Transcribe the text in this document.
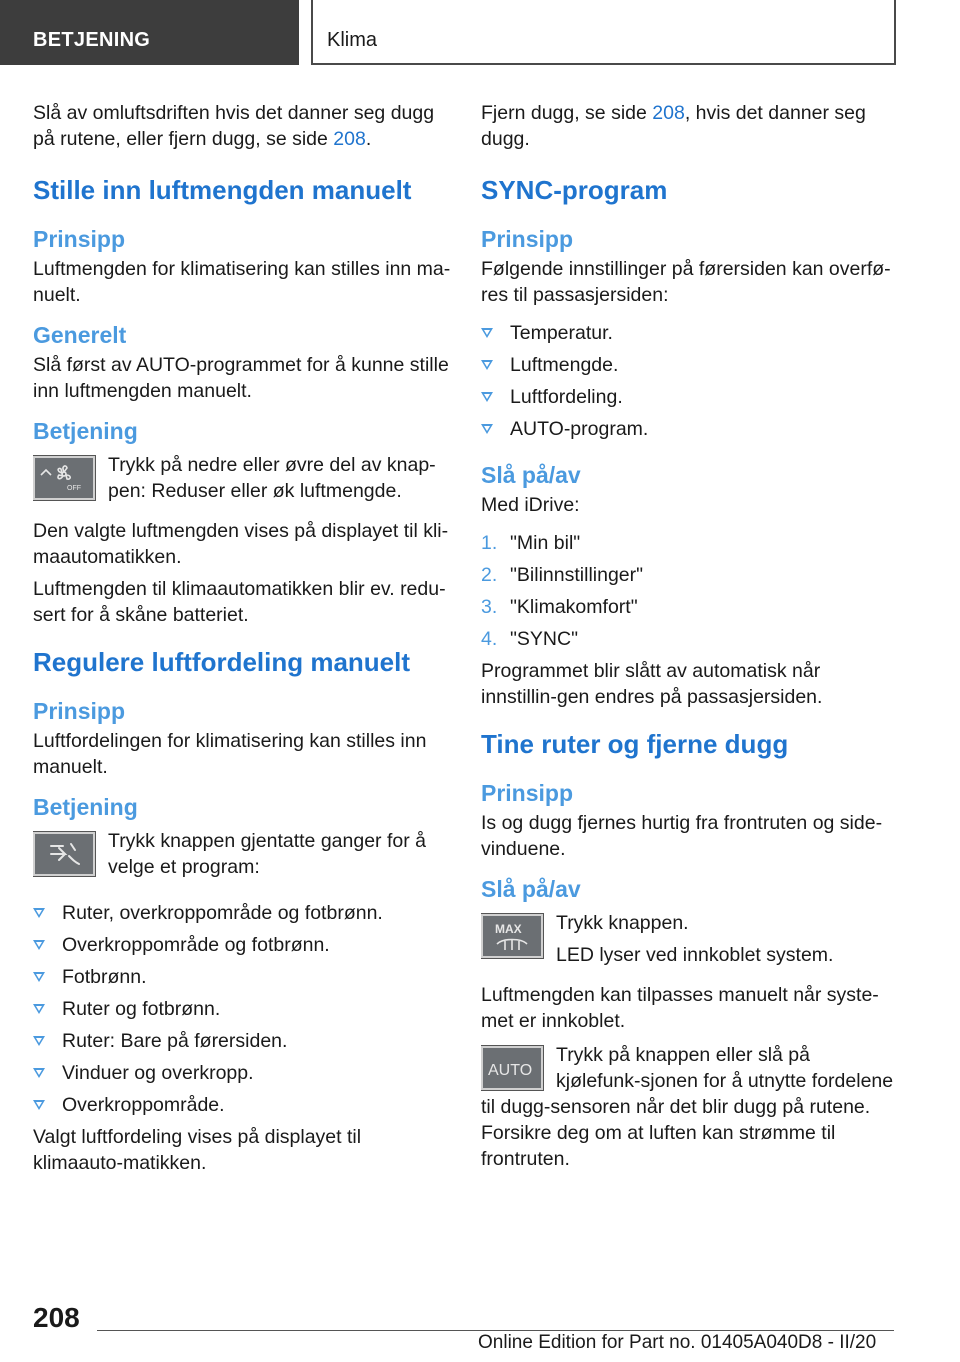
BETJENING	Klima

Slå av omluftsdriften hvis det danner seg dugg på rutene, eller fjern dugg, se side 208.

Stille inn luftmengden manuelt
Prinsipp

Luftmengden for klimatisering kan stilles inn ma‐nuelt.

Generelt

Slå først av AUTO-programmet for å kunne stille inn luftmengden manuelt.

Betjening
OFF

Trykk på nedre eller øvre del av knap‐pen: Reduser eller øk luftmengde.

Den valgte luftmengden vises på displayet til kli‐maautomatikken.

Luftmengden til klimaautomatikken blir ev. redu‐sert for å skåne batteriet.

Regulere luftfordeling manuelt
Prinsipp

Luftfordelingen for klimatisering kan stilles inn manuelt.

Betjening

Trykk knappen gjentatte ganger for å velge et program:

Ruter, overkroppområde og fotbrønn.
Overkroppområde og fotbrønn.
Fotbrønn.
Ruter og fotbrønn.
Ruter: Bare på førersiden.
Vinduer og overkropp.
Overkroppområde.

Valgt luftfordeling vises på displayet til klimaauto‐matikken.

Fjern dugg, se side 208, hvis det danner seg dugg.

SYNC-program
Prinsipp

Følgende innstillinger på førersiden kan overfø‐res til passasjersiden:

Temperatur.
Luftmengde.
Luftfordeling.
AUTO-program.
Slå på/av

Med iDrive:

1. "Min bil"
2. "Bilinnstillinger"
3. "Klimakomfort"
4. "SYNC"

Programmet blir slått av automatisk når innstillin‐gen endres på passasjersiden.

Tine ruter og fjerne dugg
Prinsipp

Is og dugg fjernes hurtig fra frontruten og side‐vinduene.

Slå på/av
MAX	Trykk knappen.

LED lyser ved innkoblet system.

Luftmengden kan tilpasses manuelt når syste‐met er innkoblet.

AUTO

Trykk på knappen eller slå på kjølefunk‐sjonen for å utnytte fordelene til dugg‐sensoren når det blir dugg på rutene. Forsikre deg om at luften kan strømme til frontruten.

208
Online Edition for Part no. 01405A040D8 - II/20
